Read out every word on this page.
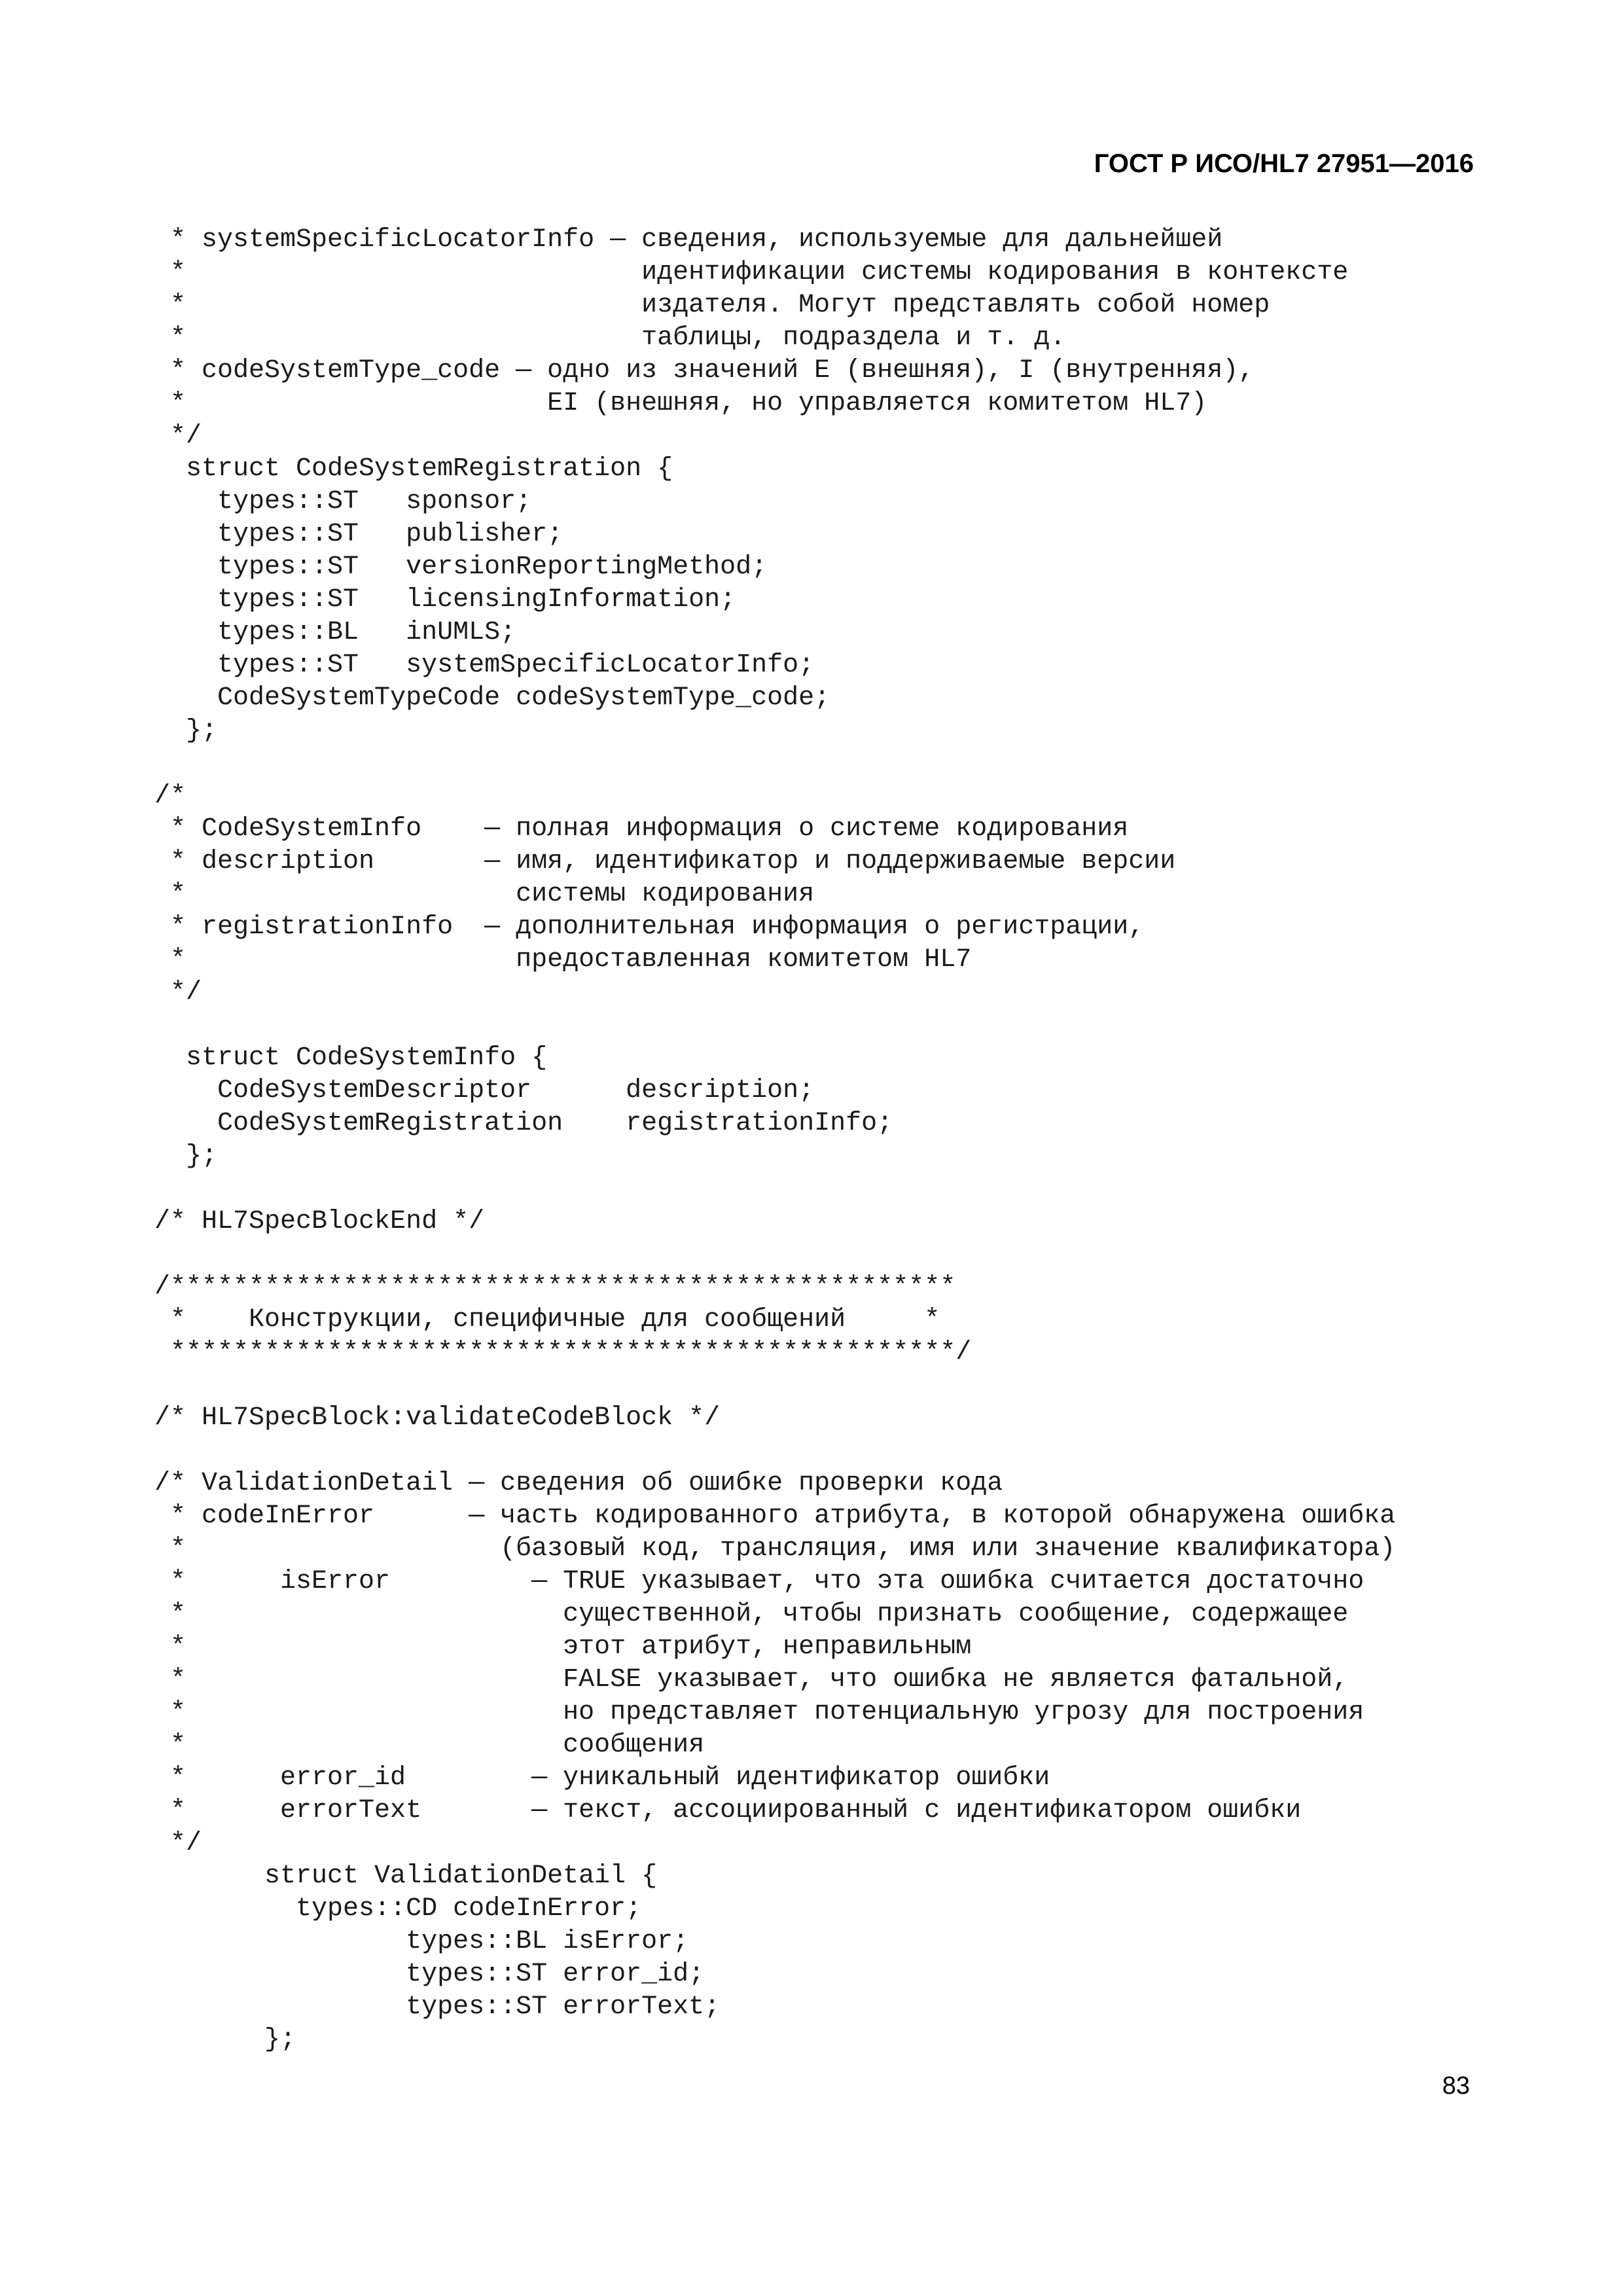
ГОСТ Р ИСО/HL7 27951—2016
* systemSpecificLocatorInfo — сведения, используемые для дальнейшей
*                             идентификации системы кодирования в контексте
*                             издателя. Могут представлять собой номер
*                             таблицы, подраздела и т. д.
* codeSystemType_code — одно из значений E (внешняя), I (внутренняя),
*                       EI (внешняя, но управляется комитетом HL7)
*/
struct CodeSystemRegistration {
types::ST   sponsor;
types::ST   publisher;
types::ST   versionReportingMethod;
types::ST   licensingInformation;
types::BL   inUMLS;
types::ST   systemSpecificLocatorInfo;
CodeSystemTypeCode codeSystemType_code;
};
/*
* CodeSystemInfo    — полная информация о системе кодирования
* description       — имя, идентификатор и поддерживаемые версии
*                     системы кодирования
* registrationInfo  — дополнительная информация о регистрации,
*                     предоставленная комитетом HL7
*/
struct CodeSystemInfo {
CodeSystemDescriptor      description;
CodeSystemRegistration    registrationInfo;
};
/* HL7SpecBlockEnd */
/**************************************************
*    Конструкции, специфичные для сообщений     *
**************************************************/
/* HL7SpecBlock:validateCodeBlock */
/* ValidationDetail — сведения об ошибке проверки кода
* codeInError      — часть кодированного атрибута, в которой обнаружена ошибка
*                    (базовый код, трансляция, имя или значение квалификатора)
*      isError         — TRUE указывает, что эта ошибка считается достаточно
*                        существенной, чтобы признать сообщение, содержащее
*                        этот атрибут, неправильным
*                        FALSE указывает, что ошибка не является фатальной,
*                        но представляет потенциальную угрозу для построения
*                        сообщения
*      error_id        — уникальный идентификатор ошибки
*      errorText       — текст, ассоциированный с идентификатором ошибки
*/
struct ValidationDetail {
types::CD codeInError;
types::BL isError;
types::ST error_id;
types::ST errorText;
};
83
